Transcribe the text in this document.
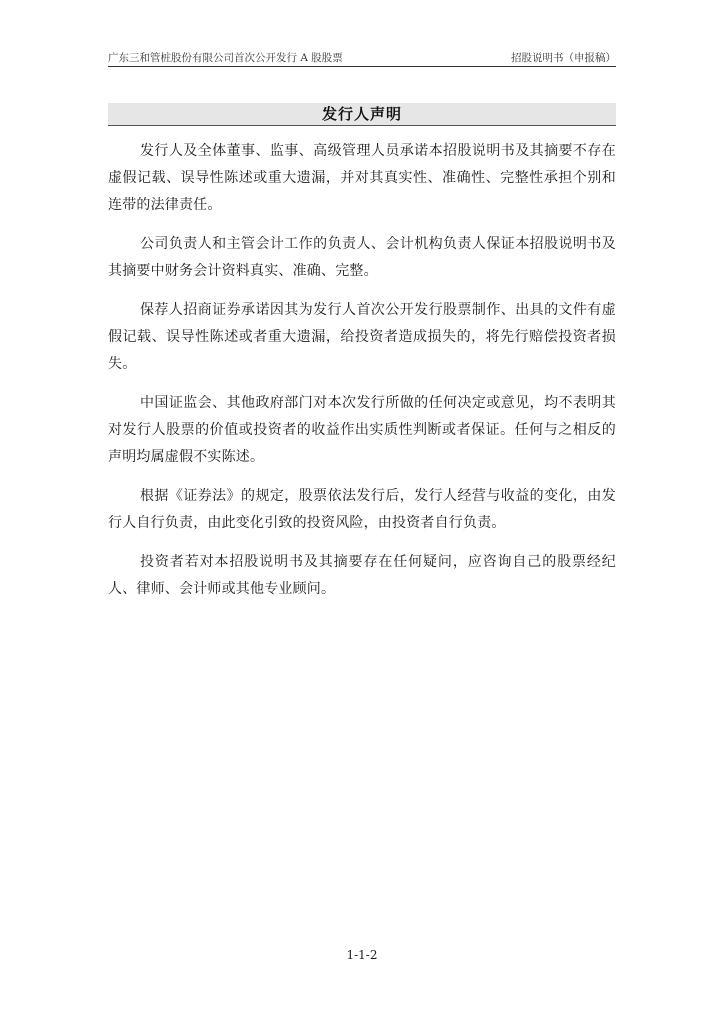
广东三和管桩股份有限公司首次公开发行 A 股股票	招股说明书（申报稿）
发行人声明

发行人及全体董事、监事、高级管理人员承诺本招股说明书及其摘要不存在虚假记载、误导性陈述或重大遗漏，并对其真实性、准确性、完整性承担个别和连带的法律责任。

公司负责人和主管会计工作的负责人、会计机构负责人保证本招股说明书及其摘要中财务会计资料真实、准确、完整。

保荐人招商证券承诺因其为发行人首次公开发行股票制作、出具的文件有虚假记载、误导性陈述或者重大遗漏，给投资者造成损失的，将先行赔偿投资者损失。

中国证监会、其他政府部门对本次发行所做的任何决定或意见，均不表明其对发行人股票的价值或投资者的收益作出实质性判断或者保证。任何与之相反的声明均属虚假不实陈述。

根据《证券法》的规定，股票依法发行后，发行人经营与收益的变化，由发行人自行负责，由此变化引致的投资风险，由投资者自行负责。

投资者若对本招股说明书及其摘要存在任何疑问，应咨询自己的股票经纪人、律师、会计师或其他专业顾问。

1-1-2
